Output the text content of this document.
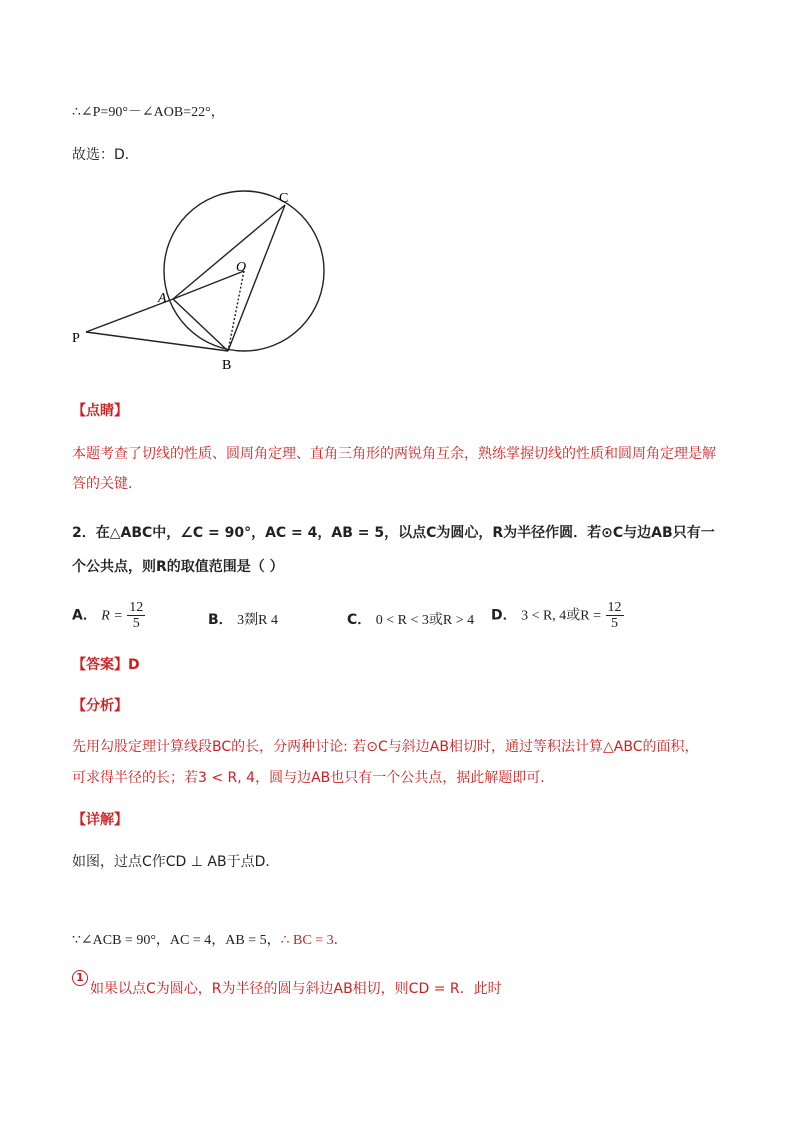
∴∠P=90°－∠AOB=22°，
故选：D．
C
O
A
P
B
【点睛】
本题考查了切线的性质、圆周角定理、直角三角形的两锐角互余，熟练掌握切线的性质和圆周角定理是解答的关键．
2．在△ABC中，∠C = 90°，AC = 4，AB = 5，以点C为圆心，R为半径作圆．若⊙C与边AB只有一
个公共点，则R的取值范围是（ ）
A． $R = \frac{12}{5}$	B． 3剟R 4	C． 0 < R < 3或R > 4 D． 3 < R, 4或$R = \frac{12}{5}$
【答案】D
【分析】
先用勾股定理计算线段BC的长，分两种讨论: 若⊙C与斜边AB相切时，通过等积法计算△ABC的面积，
可求得半径的长；若3 < R, 4，圆与边AB也只有一个公共点，据此解题即可.
【详解】
如图，过点C作CD ⊥ AB于点D．
∵∠ACB = 90°，AC = 4，AB = 5，∴ BC = 3．
1
如果以点C为圆心，R为半径的圆与斜边AB相切，则CD = R．此时
